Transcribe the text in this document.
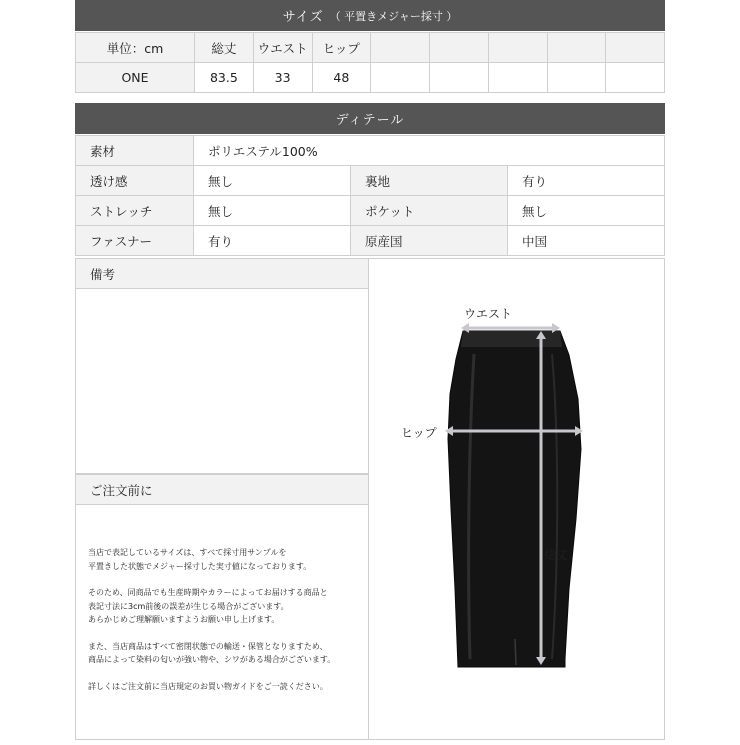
サイズ （ 平置きメジャー採寸 ）
単位：cm	総丈	ウエスト	ヒップ					
ONE	83.5	33	48					
ディテール
素材	ポリエステル100%		
透け感	無し	裏地	有り
ストレッチ	無し	ポケット	無し
ファスナー	有り	原産国	中国
備考
ご注文前に

当店で表記しているサイズは、すべて採寸用サンプルを
平置きした状態でメジャー採寸した実寸値になっております。

そのため、同商品でも生産時期やカラーによってお届けする商品と
表記寸法に3cm前後の誤差が生じる場合がございます。
あらかじめご理解願いますようお願い申し上げます。

また、当店商品はすべて密閉状態での輸送・保管となりますため、
商品によって染料の匂いが強い物や、シワがある場合がございます。

詳しくはご注文前に当店規定のお買い物ガイドをご一読ください。

ウエスト
ヒップ
総丈
